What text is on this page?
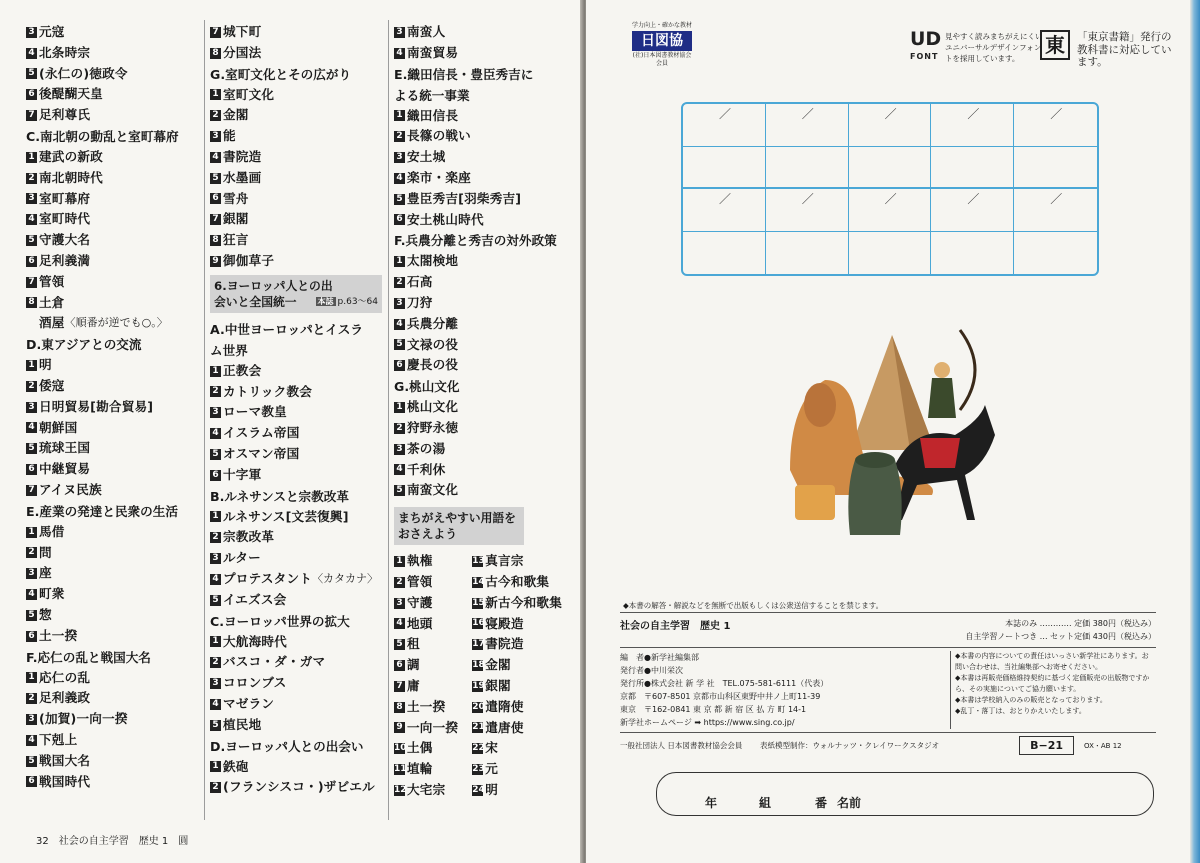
3 元寇
4 北条時宗
5 (永仁の)徳政令
6 後醍醐天皇
7 足利尊氏
C.南北朝の動乱と室町幕府
1 建武の新政
2 南北朝時代
3 室町幕府
4 室町時代
5 守護大名
6 足利義満
7 管領
8 土倉
酒屋 〈順番が逆でも○。〉
D.東アジアとの交流
1 明
2 倭寇
3 日明貿易[勘合貿易]
4 朝鮮国
5 琉球王国
6 中継貿易
7 アイヌ民族
E.産業の発達と民衆の生活
1 馬借
2 問
3 座
4 町衆
5 惣
6 土一揆
F.応仁の乱と戦国大名
1 応仁の乱
2 足利義政
3 (加賀)一向一揆
4 下剋上
5 戦国大名
6 戦国時代
7 城下町
8 分国法
G.室町文化とその広がり
1 室町文化
2 金閣
3 能
4 書院造
5 水墨画
6 雪舟
7 銀閣
8 狂言
9 御伽草子
6.ヨーロッパ人との出会いと全国統一	本誌 p.63〜64
A.中世ヨーロッパとイスラ
ム世界
1 正教会
2 カトリック教会
3 ローマ教皇
4 イスラム帝国
5 オスマン帝国
6 十字軍
B.ルネサンスと宗教改革
1 ルネサンス[文芸復興]
2 宗教改革
3 ルター
4 プロテスタント 〈カタカナ〉
5 イエズス会
C.ヨーロッパ世界の拡大
1 大航海時代
2 バスコ・ダ・ガマ
3 コロンブス
4 マゼラン
5 植民地
D.ヨーロッパ人との出会い
1 鉄砲
2 (フランシスコ・)ザビエル
3 南蛮人
4 南蛮貿易
E.織田信長・豊臣秀吉に
よる統一事業
1 織田信長
2 長篠の戦い
3 安土城
4 楽市・楽座
5 豊臣秀吉[羽柴秀吉]
6 安土桃山時代
F.兵農分離と秀吉の対外政策
1 太閤検地
2 石高
3 刀狩
4 兵農分離
5 文禄の役
6 慶長の役
G.桃山文化
1 桃山文化
2 狩野永徳
3 茶の湯
4 千利休
5 南蛮文化
まちがえやすい用語をおさえよう
1 執権	13 真言宗
2 管領	14 古今和歌集
3 守護	15 新古今和歌集
4 地頭	16 寝殿造
5 租	17 書院造
6 調	18 金閣
7 庸	19 銀閣
8 土一揆	20 遣隋使
9 一向一揆 21 遣唐使
10 土偶	22 宋
11 埴輪	23 元
12 大宅宗	24 明
32　社会の自主学習　歴史 1　圓
学力向上・確かな教材
日図協
(社)日本図書教材協会会員
UD
FONT
見やすく読みまちがえにくいユニバーサルデザインフォントを採用しています。
東	「東京書籍」発行の教科書に対応しています。
／	／	／	／	／
／	／	／	／	／
◆本書の解答・解説などを無断で出版もしくは公衆送信することを禁じます。
社会の自主学習　歴史 1	本誌のみ ………… 定価 380円（税込み）
自主学習ノートつき … セット定価 430円（税込み）
編　者●新学社編集部
発行者●中川栄次
発行所●株式会社 新 学 社　TEL.075-581-6111（代表）
京都　〒607-8501 京都市山科区東野中井ノ上町11-39
東京　〒162-0841 東 京 都 新 宿 区 払 方 町 14-1
新学社ホームページ ➡ https://www.sing.co.jp/
◆本書の内容についての責任はいっさい新学社にあります。お問い合わせは、当社編集部へお寄せください。
◆本書は再販売価格維持契約に基づく定価販売の出版物ですから、その実施についてご協力願います。
◆本書は学校納入のみの販売となっております。
◆乱丁・落丁は、おとりかえいたします。
一般社団法人 日本図書教材協会会員	表紙模型制作：ウォルナッツ・クレイワークスタジオ	B−21	OX・AB 12
年	組	番 名前
